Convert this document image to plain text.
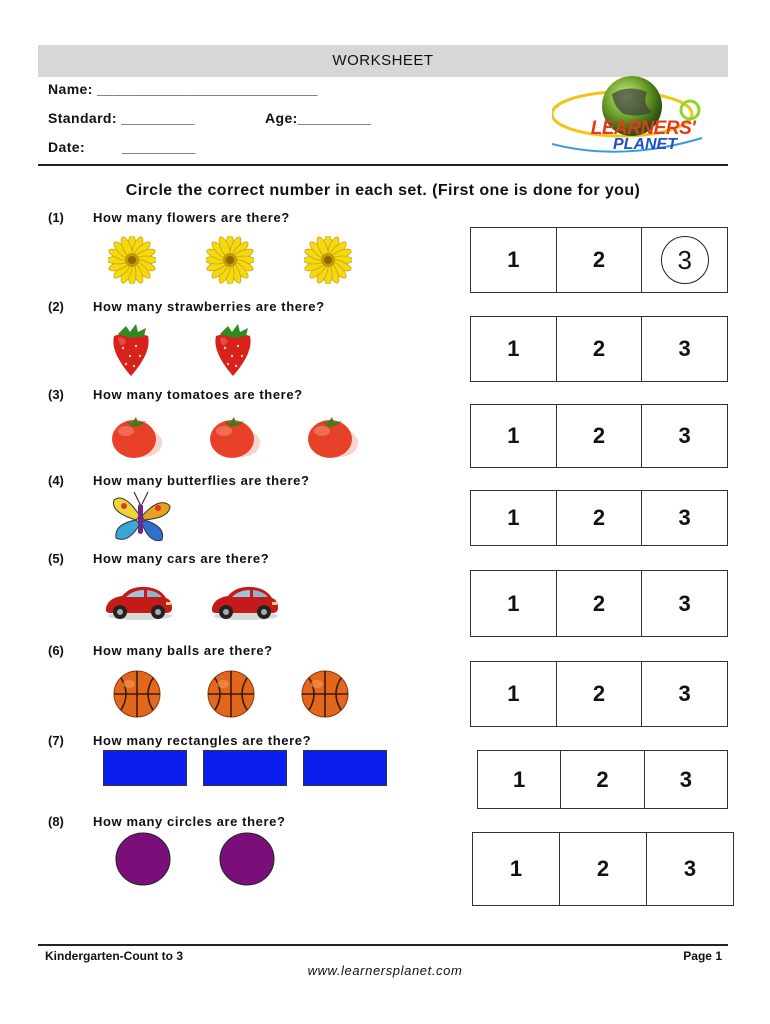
WORKSHEET
Name: ___________________________
Standard: _________	Age:_________
Date:	_________
LEARNERS'
PLANET
Circle the correct number in each set. (First one is done for you)
(1) How many flowers are there?
(2) How many strawberries are there?
(3) How many tomatoes are there?
(4) How many butterflies are there?
(5) How many cars are there?
(6) How many balls are there?
(7) How many rectangles are there?
(8) How many circles are there?
1	2	3
1	2	3
1	2	3
1	2	3
1	2	3
1	2	3
1	2	3
1	2	3
Kindergarten-Count to 3	Page 1
www.learnersplanet.com
